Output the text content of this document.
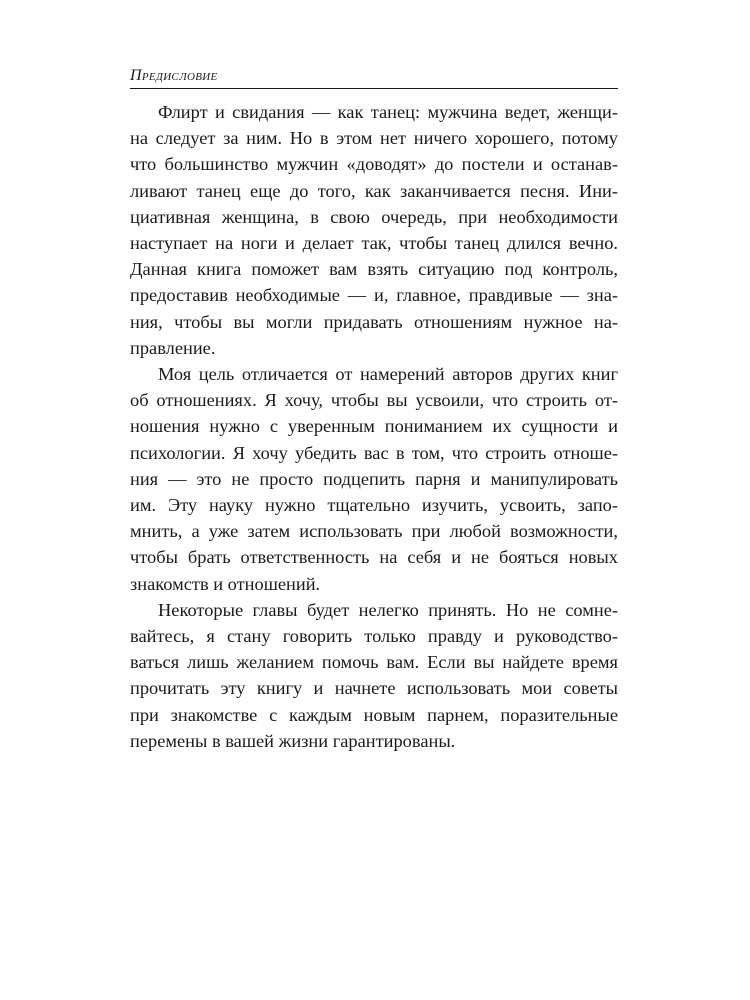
Предисловие

Флирт и свидания — как танец: мужчина ведет, женщи-
на следует за ним. Но в этом нет ничего хорошего, потому
что большинство мужчин «доводят» до постели и останав-
ливают танец еще до того, как заканчивается песня. Ини-
циативная женщина, в свою очередь, при необходимости
наступает на ноги и делает так, чтобы танец длился вечно.
Данная книга поможет вам взять ситуацию под контроль,
предоставив необходимые — и, главное, правдивые — зна-
ния, чтобы вы могли придавать отношениям нужное на-
правление.

Моя цель отличается от намерений авторов других книг
об отношениях. Я хочу, чтобы вы усвоили, что строить от-
ношения нужно с уверенным пониманием их сущности и
психологии. Я хочу убедить вас в том, что строить отноше-
ния — это не просто подцепить парня и манипулировать
им. Эту науку нужно тщательно изучить, усвоить, запо-
мнить, а уже затем использовать при любой возможности,
чтобы брать ответственность на себя и не бояться новых
знакомств и отношений.

Некоторые главы будет нелегко принять. Но не сомне-
вайтесь, я стану говорить только правду и руководство-
ваться лишь желанием помочь вам. Если вы найдете время
прочитать эту книгу и начнете использовать мои советы
при знакомстве с каждым новым парнем, поразительные
перемены в вашей жизни гарантированы.
